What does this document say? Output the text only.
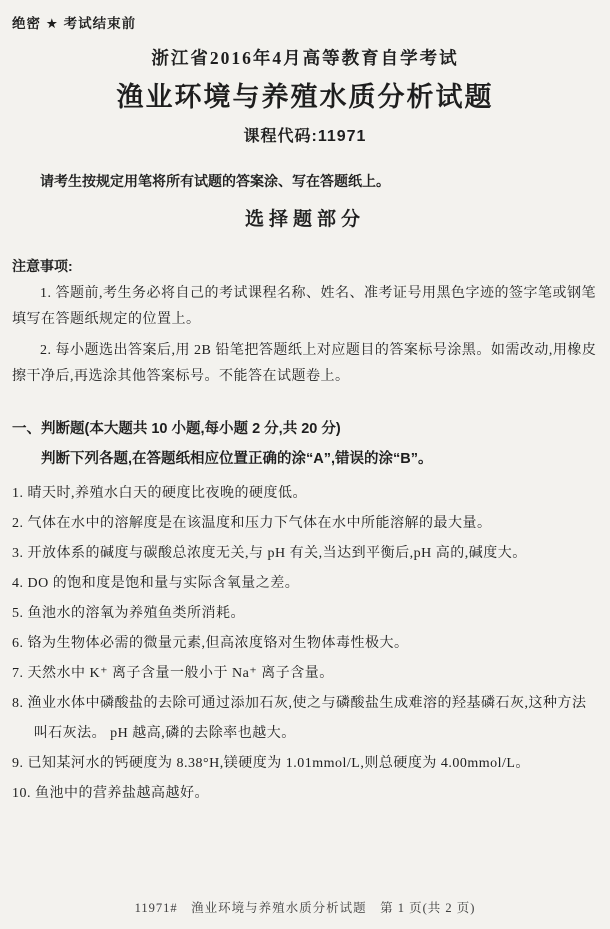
绝密 ★ 考试结束前
浙江省2016年4月高等教育自学考试
渔业环境与养殖水质分析试题
课程代码:11971
请考生按规定用笔将所有试题的答案涂、写在答题纸上。
选择题部分
注意事项:

1. 答题前,考生务必将自己的考试课程名称、姓名、准考证号用黑色字迹的签字笔或钢笔填写在答题纸规定的位置上。

2. 每小题选出答案后,用 2B 铅笔把答题纸上对应题目的答案标号涂黑。如需改动,用橡皮擦干净后,再选涂其他答案标号。不能答在试题卷上。

一、判断题(本大题共 10 小题,每小题 2 分,共 20 分)
判断下列各题,在答题纸相应位置正确的涂“A”,错误的涂“B”。

1. 晴天时,养殖水白天的硬度比夜晚的硬度低。

2. 气体在水中的溶解度是在该温度和压力下气体在水中所能溶解的最大量。

3. 开放体系的碱度与碳酸总浓度无关,与 pH 有关,当达到平衡后,pH 高的,碱度大。

4. DO 的饱和度是饱和量与实际含氧量之差。

5. 鱼池水的溶氧为养殖鱼类所消耗。

6. 铬为生物体必需的微量元素,但高浓度铬对生物体毒性极大。

7. 天然水中 K⁺ 离子含量一般小于 Na⁺ 离子含量。

8. 渔业水体中磷酸盐的去除可通过添加石灰,使之与磷酸盐生成难溶的羟基磷石灰,这种方法叫石灰法。 pH 越高,磷的去除率也越大。

9. 已知某河水的钙硬度为 8.38°H,镁硬度为 1.01mmol/L,则总硬度为 4.00mmol/L。

10. 鱼池中的营养盐越高越好。

11971#　渔业环境与养殖水质分析试题　第 1 页(共 2 页)
